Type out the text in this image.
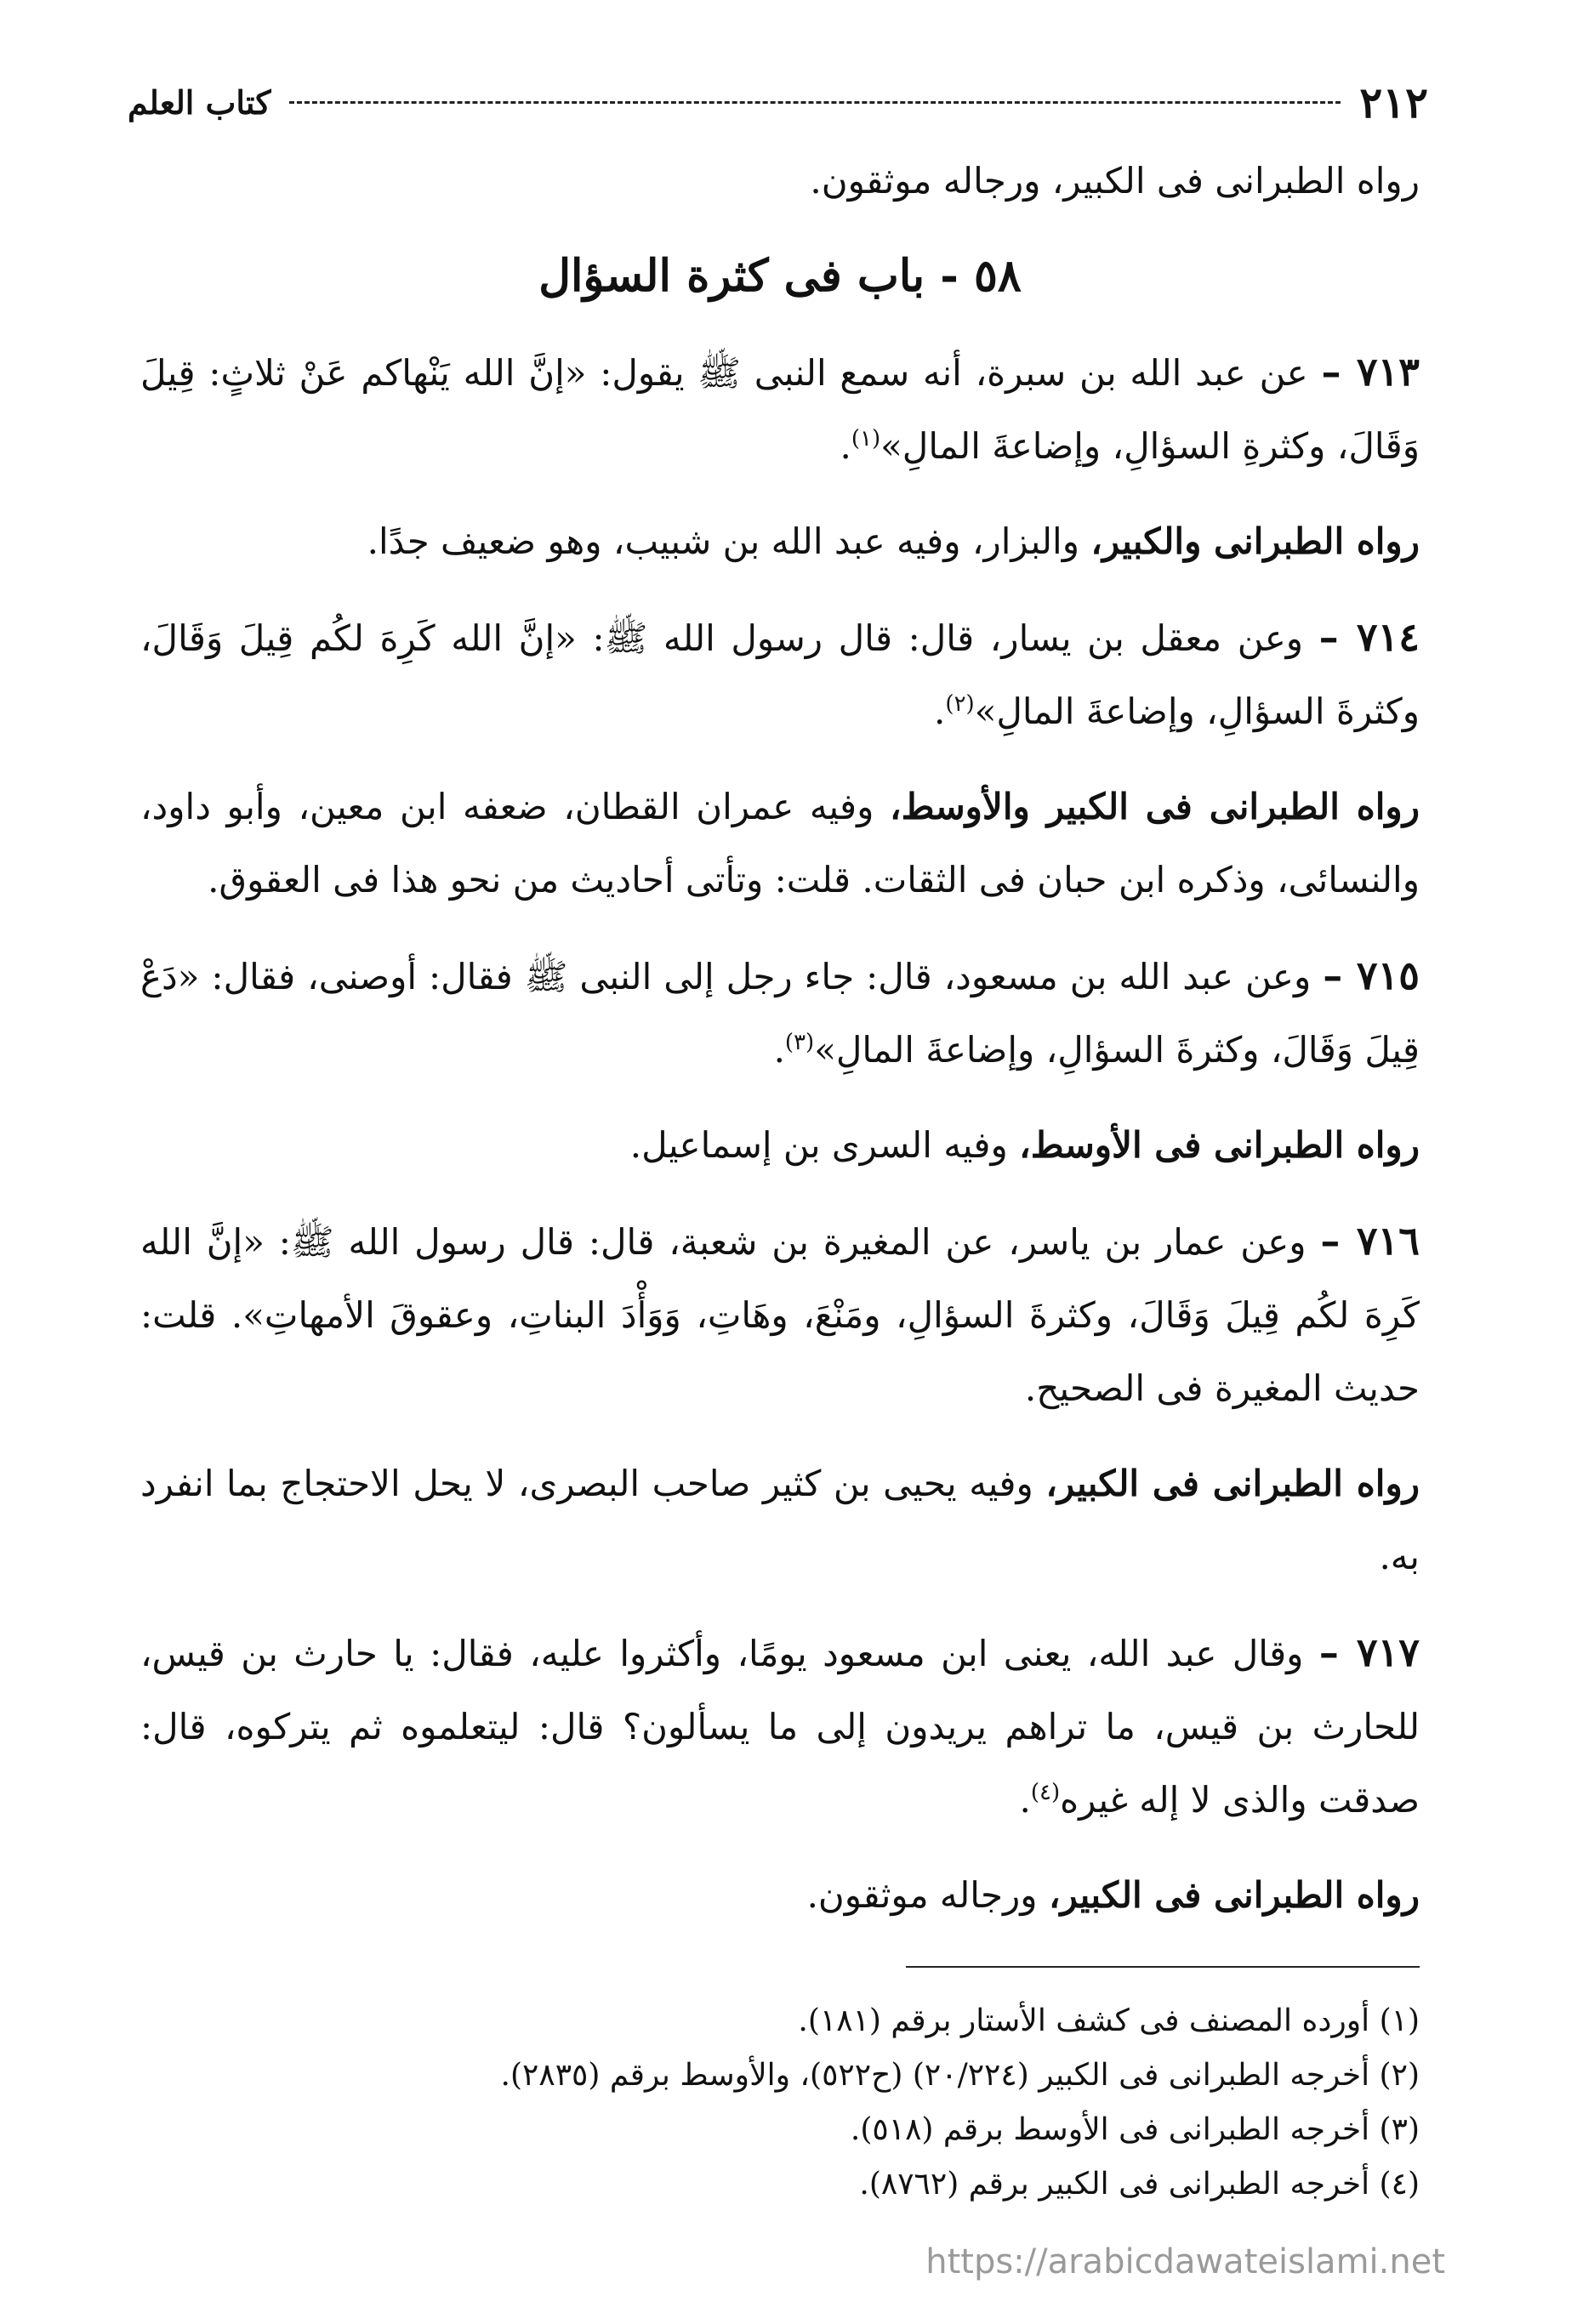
٢١٢
كتاب العلم

رواه الطبرانى فى الكبير، ورجاله موثقون.

٥٨ - باب فى كثرة السؤال

٧١٣ – عن عبد الله بن سبرة، أنه سمع النبى ﷺ يقول: «إنَّ الله يَنْهاكم عَنْ ثلاثٍ: قِيلَ وَقَالَ، وكثرةِ السؤالِ، وإضاعةَ المالِ»$^{(١)}$.

رواه الطبرانى والكبير، والبزار، وفيه عبد الله بن شبيب، وهو ضعيف جدًا.

٧١٤ – وعن معقل بن يسار، قال: قال رسول الله ﷺ: «إنَّ الله كَرِهَ لكُم قِيلَ وَقَالَ، وكثرةَ السؤالِ، وإضاعةَ المالِ»$^{(٢)}$.

رواه الطبرانى فى الكبير والأوسط، وفيه عمران القطان، ضعفه ابن معين، وأبو داود، والنسائى، وذكره ابن حبان فى الثقات. قلت: وتأتى أحاديث من نحو هذا فى العقوق.

٧١٥ – وعن عبد الله بن مسعود، قال: جاء رجل إلى النبى ﷺ فقال: أوصنى، فقال: «دَعْ قِيلَ وَقَالَ، وكثرةَ السؤالِ، وإضاعةَ المالِ»$^{(٣)}$.

رواه الطبرانى فى الأوسط، وفيه السرى بن إسماعيل.

٧١٦ – وعن عمار بن ياسر، عن المغيرة بن شعبة، قال: قال رسول الله ﷺ: «إنَّ الله كَرِهَ لكُم قِيلَ وَقَالَ، وكثرةَ السؤالِ، ومَنْعَ، وهَاتِ، وَوَأْدَ البناتِ، وعقوقَ الأمهاتِ». قلت: حديث المغيرة فى الصحيح.

رواه الطبرانى فى الكبير، وفيه يحيى بن كثير صاحب البصرى، لا يحل الاحتجاج بما انفرد به.

٧١٧ – وقال عبد الله، يعنى ابن مسعود يومًا، وأكثروا عليه، فقال: يا حارث بن قيس، للحارث بن قيس، ما تراهم يريدون إلى ما يسألون؟ قال: ليتعلموه ثم يتركوه، قال: صدقت والذى لا إله غيره$^{(٤)}$.

رواه الطبرانى فى الكبير، ورجاله موثقون.

(١) أورده المصنف فى كشف الأستار برقم (١٨١).

(٢) أخرجه الطبرانى فى الكبير (٢٠/٢٢٤) (ح٥٢٢)، والأوسط برقم (٢٨٣٥).

(٣) أخرجه الطبرانى فى الأوسط برقم (٥١٨).

(٤) أخرجه الطبرانى فى الكبير برقم (٨٧٦٢).

https://arabicdawateislami.net
